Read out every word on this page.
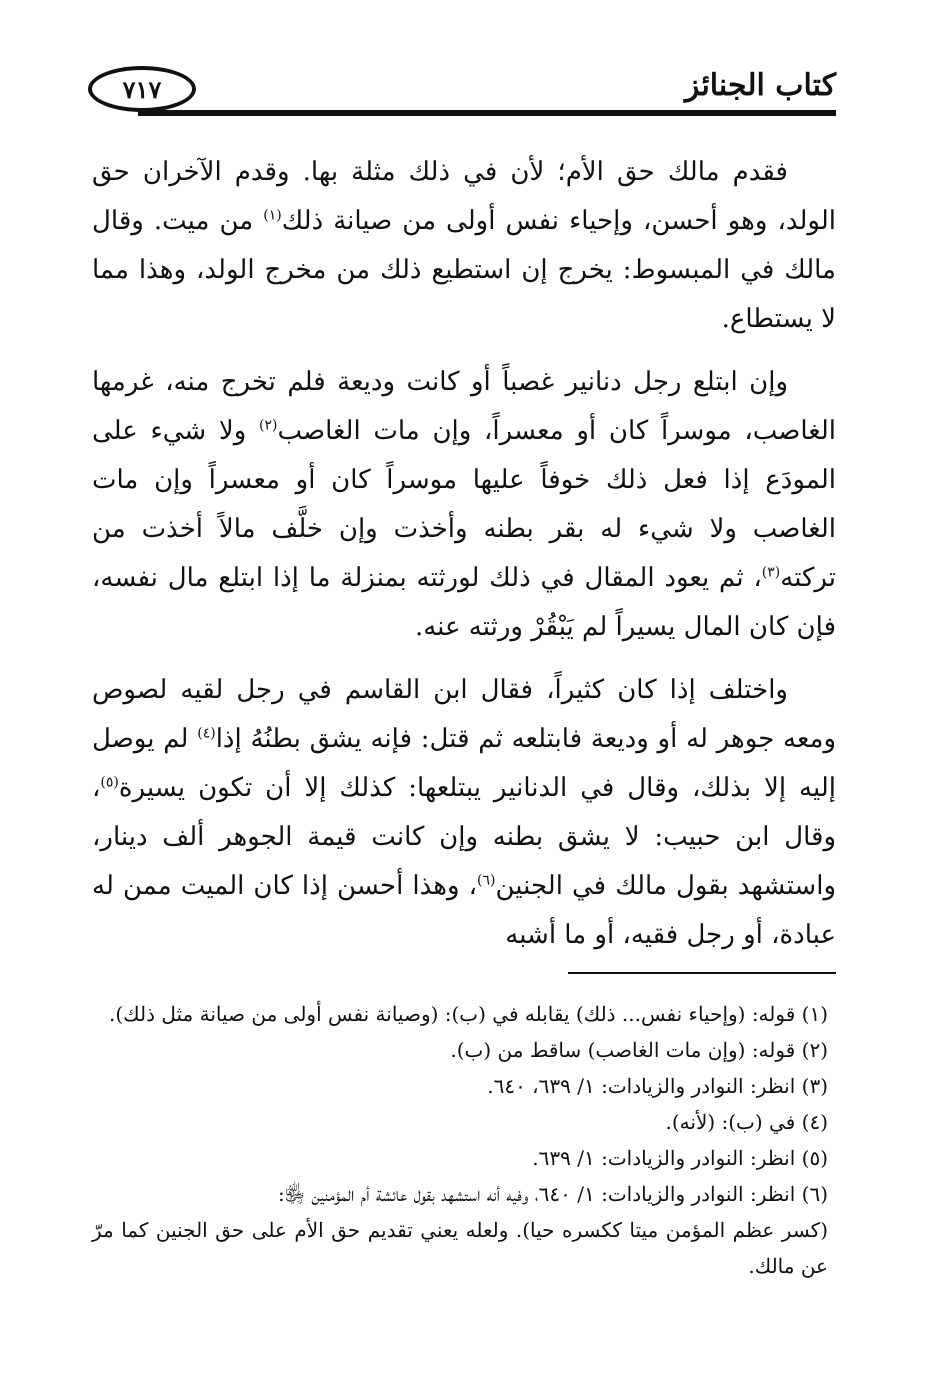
٧١٧	كتاب الجنائز

فقدم مالك حق الأم؛ لأن في ذلك مثلة بها. وقدم الآخران حق الولد، وهو أحسن، وإحياء نفس أولى من صيانة ذلك$^{(١)}$ من ميت. وقال مالك في المبسوط: يخرج إن استطيع ذلك من مخرج الولد، وهذا مما لا يستطاع.

وإن ابتلع رجل دنانير غصباً أو كانت وديعة فلم تخرج منه، غرمها الغاصب، موسراً كان أو معسراً، وإن مات الغاصب$^{(٢)}$ ولا شيء على المودَع إذا فعل ذلك خوفاً عليها موسراً كان أو معسراً وإن مات الغاصب ولا شيء له بقر بطنه وأخذت وإن خلَّف مالاً أخذت من تركته$^{(٣)}$، ثم يعود المقال في ذلك لورثته بمنزلة ما إذا ابتلع مال نفسه، فإن كان المال يسيراً لم يَبْقُرْ ورثته عنه.

واختلف إذا كان كثيراً، فقال ابن القاسم في رجل لقيه لصوص ومعه جوهر له أو وديعة فابتلعه ثم قتل: فإنه يشق بطنُهُ إذا$^{(٤)}$ لم يوصل إليه إلا بذلك، وقال في الدنانير يبتلعها: كذلك إلا أن تكون يسيرة$^{(٥)}$، وقال ابن حبيب: لا يشق بطنه وإن كانت قيمة الجوهر ألف دينار، واستشهد بقول مالك في الجنين$^{(٦)}$، وهذا أحسن إذا كان الميت ممن له عبادة، أو رجل فقيه، أو ما أشبه

(١) قوله: (وإحياء نفس... ذلك) يقابله في (ب): (وصيانة نفس أولى من صيانة مثل ذلك).
(٢) قوله: (وإن مات الغاصب) ساقط من (ب).
(٣) انظر: النوادر والزيادات: ١/ ٦٣٩، ٦٤٠.
(٤) في (ب): (لأنه).
(٥) انظر: النوادر والزيادات: ١/ ٦٣٩.
(٦) انظر: النوادر والزيادات: ١/ ٦٤٠، وفيه أنه استشهد بقول عائشة أم المؤمنين ﵂:
(كسر عظم المؤمن ميتا ككسره حيا). ولعله يعني تقديم حق الأم على حق الجنين كما مرّ عن مالك.
